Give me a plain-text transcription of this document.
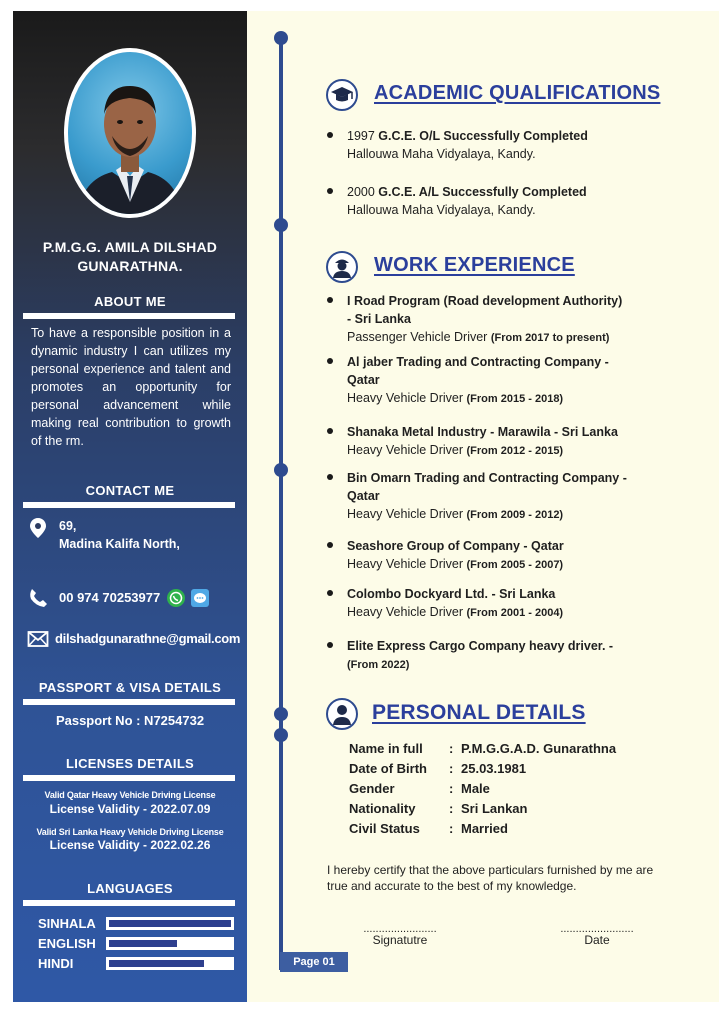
P.M.G.G. AMILA DILSHAD
GUNARATHNA.
ABOUT ME
To have a responsible position in a dynamic industry I can utilizes my personal experience and talent and promotes an opportunity for personal advancement while making real contribution to growth of the rm.
CONTACT ME
69,
Madina Kalifa North,
00 974 70253977
dilshadgunarathne@gmail.com
PASSPORT & VISA DETAILS
Passport No : N7254732
LICENSES DETAILS
Valid Qatar Heavy Vehicle Driving License
License Validity - 2022.07.09
Valid Sri Lanka Heavy Vehicle Driving License
License Validity - 2022.02.26
LANGUAGES
SINHALA
ENGLISH
HINDI
ACADEMIC QUALIFICATIONS
1997 G.C.E. O/L Successfully Completed
Hallouwa Maha Vidyalaya, Kandy.
2000 G.C.E. A/L Successfully Completed
Hallouwa Maha Vidyalaya, Kandy.
WORK EXPERIENCE
I Road Program (Road development Authority)
- Sri Lanka
Passenger Vehicle Driver (From 2017 to present)
Al jaber Trading and Contracting Company -
Qatar
Heavy Vehicle Driver (From 2015 - 2018)
Shanaka Metal Industry - Marawila - Sri Lanka
Heavy Vehicle Driver (From 2012 - 2015)
Bin Omarn Trading and Contracting Company -
Qatar
Heavy Vehicle Driver (From 2009 - 2012)
Seashore Group of Company - Qatar
Heavy Vehicle Driver (From 2005 - 2007)
Colombo Dockyard Ltd. - Sri Lanka
Heavy Vehicle Driver (From 2001 - 2004)
Elite Express Cargo Company heavy driver. -
(From 2022)
PERSONAL DETAILS
Name in full	: P.M.G.G.A.D. Gunarathna
Date of Birth	: 25.03.1981
Gender	: Male
Nationality	: Sri Lankan
Civil Status	: Married
I hereby certify that the above particulars furnished by me are true and accurate to the best of my knowledge.
........................
Signatutre
........................
Date
Page 01
